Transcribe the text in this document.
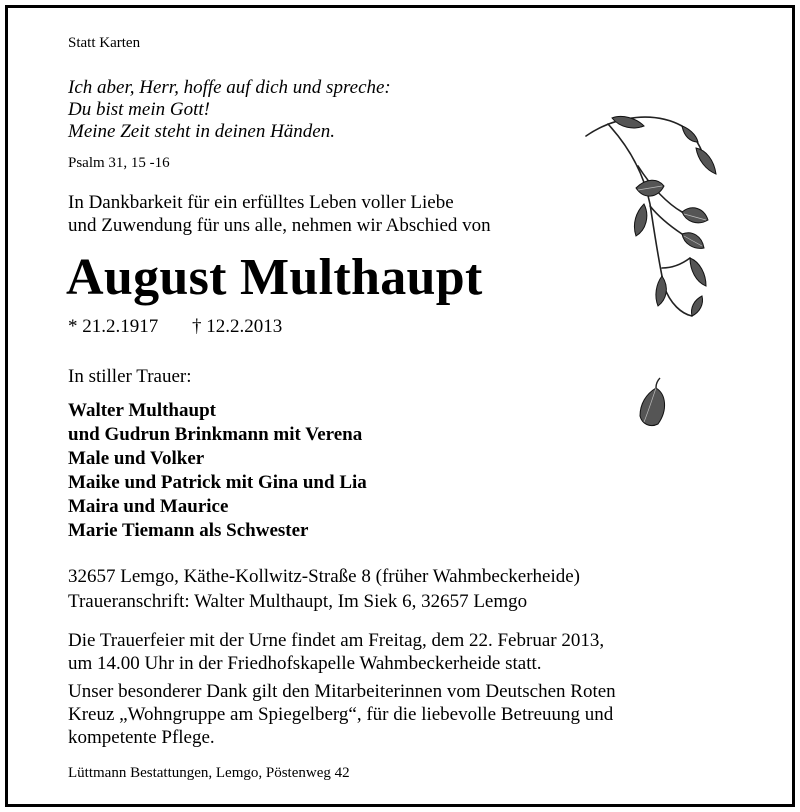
Statt Karten
Ich aber, Herr, hoffe auf dich und spreche:
Du bist mein Gott!
Meine Zeit steht in deinen Händen.
Psalm 31, 15 -16
In Dankbarkeit für ein erfülltes Leben voller Liebe
und Zuwendung für uns alle, nehmen wir Abschied von
August Multhaupt
* 21.2.1917 † 12.2.2013
In stiller Trauer:
Walter Multhaupt
und Gudrun Brinkmann mit Verena
Male und Volker
Maike und Patrick mit Gina und Lia
Maira und Maurice
Marie Tiemann als Schwester
32657 Lemgo, Käthe-Kollwitz-Straße 8 (früher Wahmbeckerheide)
Traueranschrift: Walter Multhaupt, Im Siek 6, 32657 Lemgo
Die Trauerfeier mit der Urne findet am Freitag, dem 22. Februar 2013,
um 14.00 Uhr in der Friedhofskapelle Wahmbeckerheide statt.
Unser besonderer Dank gilt den Mitarbeiterinnen vom Deutschen Roten
Kreuz „Wohngruppe am Spiegelberg“, für die liebevolle Betreuung und
kompetente Pflege.
Lüttmann Bestattungen, Lemgo, Pöstenweg 42
